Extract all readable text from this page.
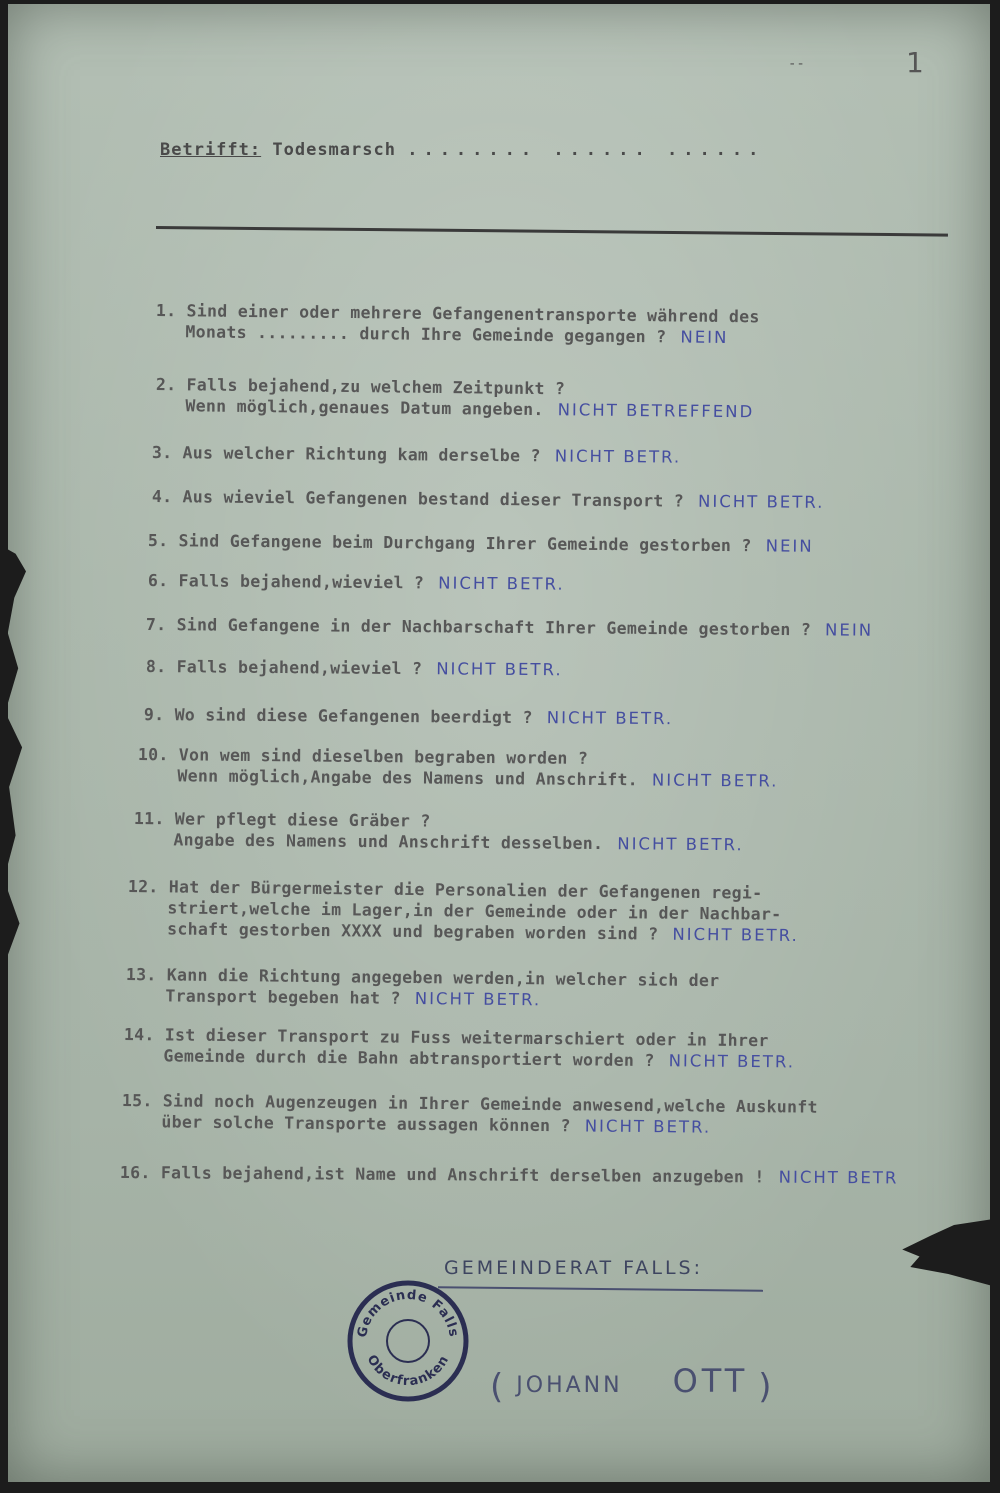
--	1
Betrifft: Todesmarsch ........ ...... ......
1. Sind einer oder mehrere Gefangenentransporte während des
Monats ......... durch Ihre Gemeinde gegangen ? NEIN
2. Falls bejahend,zu welchem Zeitpunkt ?
Wenn möglich,genaues Datum angeben. NICHT BETREFFEND
3. Aus welcher Richtung kam derselbe ? NICHT BETR.
4. Aus wieviel Gefangenen bestand dieser Transport ? NICHT BETR.
5. Sind Gefangene beim Durchgang Ihrer Gemeinde gestorben ? NEIN
6. Falls bejahend,wieviel ? NICHT BETR.
7. Sind Gefangene in der Nachbarschaft Ihrer Gemeinde gestorben ? NEIN
8. Falls bejahend,wieviel ? NICHT BETR.
9. Wo sind diese Gefangenen beerdigt ? NICHT BETR.
10. Von wem sind dieselben begraben worden ?
Wenn möglich,Angabe des Namens und Anschrift. NICHT BETR.
11. Wer pflegt diese Gräber ?
Angabe des Namens und Anschrift desselben. NICHT BETR.
12. Hat der Bürgermeister die Personalien der Gefangenen regi-
striert,welche im Lager,in der Gemeinde oder in der Nachbar-
schaft gestorben XXXX und begraben worden sind ? NICHT BETR.
13. Kann die Richtung angegeben werden,in welcher sich der
Transport begeben hat ? NICHT BETR.
14. Ist dieser Transport zu Fuss weitermarschiert oder in Ihrer
Gemeinde durch die Bahn abtransportiert worden ? NICHT BETR.
15. Sind noch Augenzeugen in Ihrer Gemeinde anwesend,welche Auskunft
über solche Transporte aussagen können ? NICHT BETR.
16. Falls bejahend,ist Name und Anschrift derselben anzugeben ! NICHT BETR
GEMEINDERAT FALLS:
Gemeinde Falls
Oberfranken
( JOHANN OTT )
